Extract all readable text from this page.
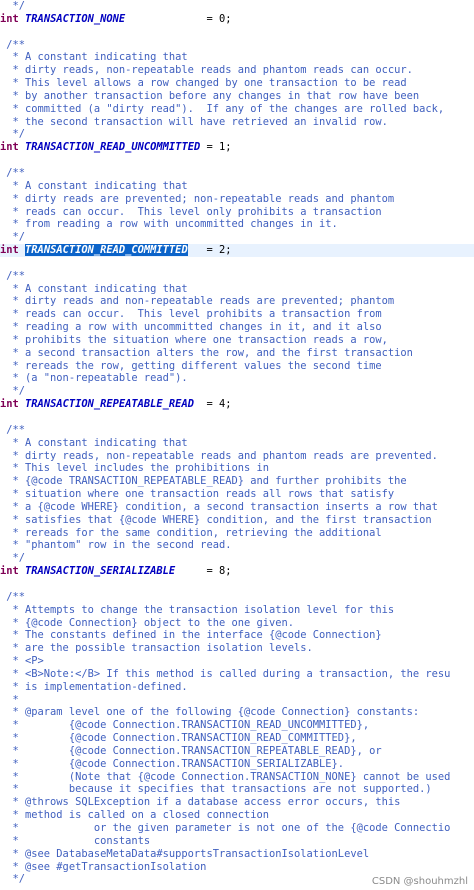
*/
int TRANSACTION_NONE             = 0;
/**
* A constant indicating that
* dirty reads, non-repeatable reads and phantom reads can occur.
* This level allows a row changed by one transaction to be read
* by another transaction before any changes in that row have been
* committed (a "dirty read").  If any of the changes are rolled back,
* the second transaction will have retrieved an invalid row.
*/
int TRANSACTION_READ_UNCOMMITTED = 1;
/**
* A constant indicating that
* dirty reads are prevented; non-repeatable reads and phantom
* reads can occur.  This level only prohibits a transaction
* from reading a row with uncommitted changes in it.
*/
int TRANSACTION_READ_COMMITTED   = 2;
/**
* A constant indicating that
* dirty reads and non-repeatable reads are prevented; phantom
* reads can occur.  This level prohibits a transaction from
* reading a row with uncommitted changes in it, and it also
* prohibits the situation where one transaction reads a row,
* a second transaction alters the row, and the first transaction
* rereads the row, getting different values the second time
* (a "non-repeatable read").
*/
int TRANSACTION_REPEATABLE_READ  = 4;
/**
* A constant indicating that
* dirty reads, non-repeatable reads and phantom reads are prevented.
* This level includes the prohibitions in
* {@code TRANSACTION_REPEATABLE_READ} and further prohibits the
* situation where one transaction reads all rows that satisfy
* a {@code WHERE} condition, a second transaction inserts a row that
* satisfies that {@code WHERE} condition, and the first transaction
* rereads for the same condition, retrieving the additional
* "phantom" row in the second read.
*/
int TRANSACTION_SERIALIZABLE     = 8;
/**
* Attempts to change the transaction isolation level for this
* {@code Connection} object to the one given.
* The constants defined in the interface {@code Connection}
* are the possible transaction isolation levels.
* <P>
* <B>Note:</B> If this method is called during a transaction, the resu
* is implementation-defined.
*
* @param level one of the following {@code Connection} constants:
*        {@code Connection.TRANSACTION_READ_UNCOMMITTED},
*        {@code Connection.TRANSACTION_READ_COMMITTED},
*        {@code Connection.TRANSACTION_REPEATABLE_READ}, or
*        {@code Connection.TRANSACTION_SERIALIZABLE}.
*        (Note that {@code Connection.TRANSACTION_NONE} cannot be used
*        because it specifies that transactions are not supported.)
* @throws SQLException if a database access error occurs, this
* method is called on a closed connection
*            or the given parameter is not one of the {@code Connectio
*            constants
* @see DatabaseMetaData#supportsTransactionIsolationLevel
* @see #getTransactionIsolation
*/	CSDN @shouhmzhl
